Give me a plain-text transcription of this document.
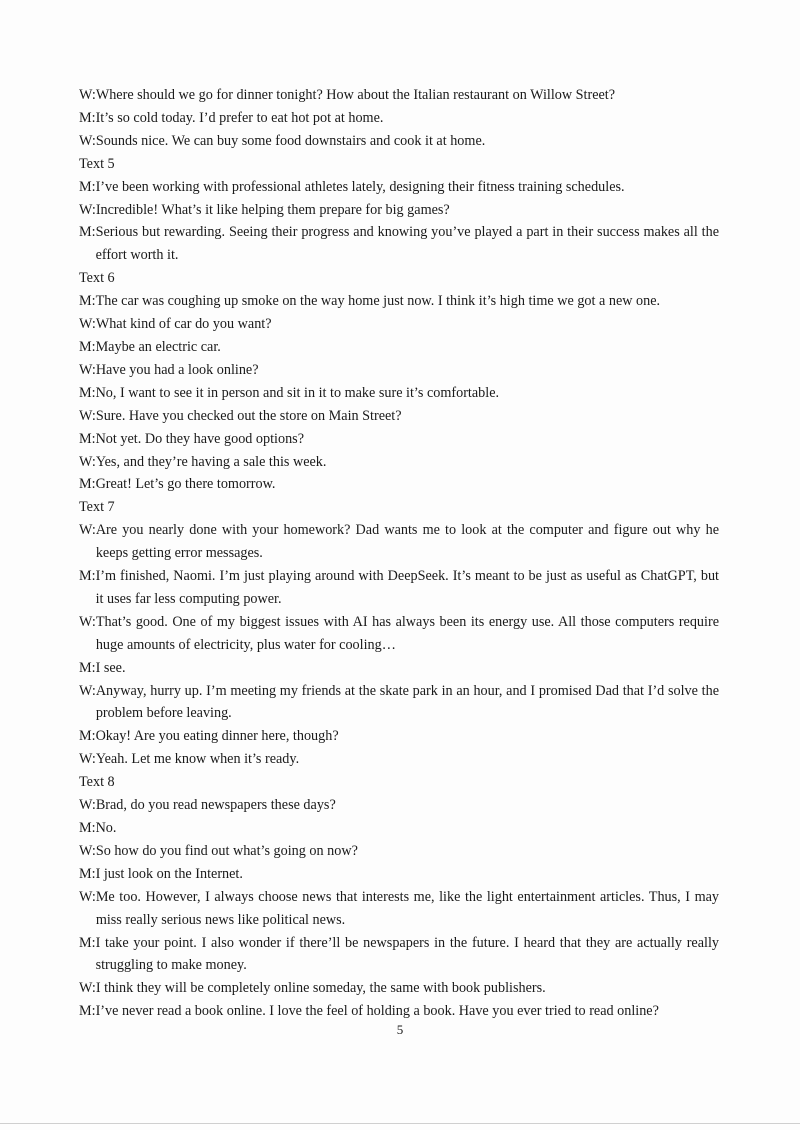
W: Where should we go for dinner tonight? How about the Italian restaurant on Willow Street?
M: It’s so cold today. I’d prefer to eat hot pot at home.
W: Sounds nice. We can buy some food downstairs and cook it at home.

Text 5

M: I’ve been working with professional athletes lately, designing their fitness training schedules.
W: Incredible! What’s it like helping them prepare for big games?
M: Serious but rewarding. Seeing their progress and knowing you’ve played a part in their success makes all the effort worth it.

Text 6

M: The car was coughing up smoke on the way home just now. I think it’s high time we got a new one.
W: What kind of car do you want?
M: Maybe an electric car.
W: Have you had a look online?
M: No, I want to see it in person and sit in it to make sure it’s comfortable.
W: Sure. Have you checked out the store on Main Street?
M: Not yet. Do they have good options?
W: Yes, and they’re having a sale this week.
M: Great! Let’s go there tomorrow.

Text 7

W: Are you nearly done with your homework? Dad wants me to look at the computer and figure out why he keeps getting error messages.
M: I’m finished, Naomi. I’m just playing around with DeepSeek. It’s meant to be just as useful as ChatGPT, but it uses far less computing power.
W: That’s good. One of my biggest issues with AI has always been its energy use. All those computers require huge amounts of electricity, plus water for cooling…
M: I see.
W: Anyway, hurry up. I’m meeting my friends at the skate park in an hour, and I promised Dad that I’d solve the problem before leaving.
M: Okay! Are you eating dinner here, though?
W: Yeah. Let me know when it’s ready.

Text 8

W: Brad, do you read newspapers these days?
M: No.
W: So how do you find out what’s going on now?
M: I just look on the Internet.
W: Me too. However, I always choose news that interests me, like the light entertainment articles. Thus, I may miss really serious news like political news.
M: I take your point. I also wonder if there’ll be newspapers in the future. I heard that they are actually really struggling to make money.
W: I think they will be completely online someday, the same with book publishers.
M: I’ve never read a book online. I love the feel of holding a book. Have you ever tried to read online?
5
